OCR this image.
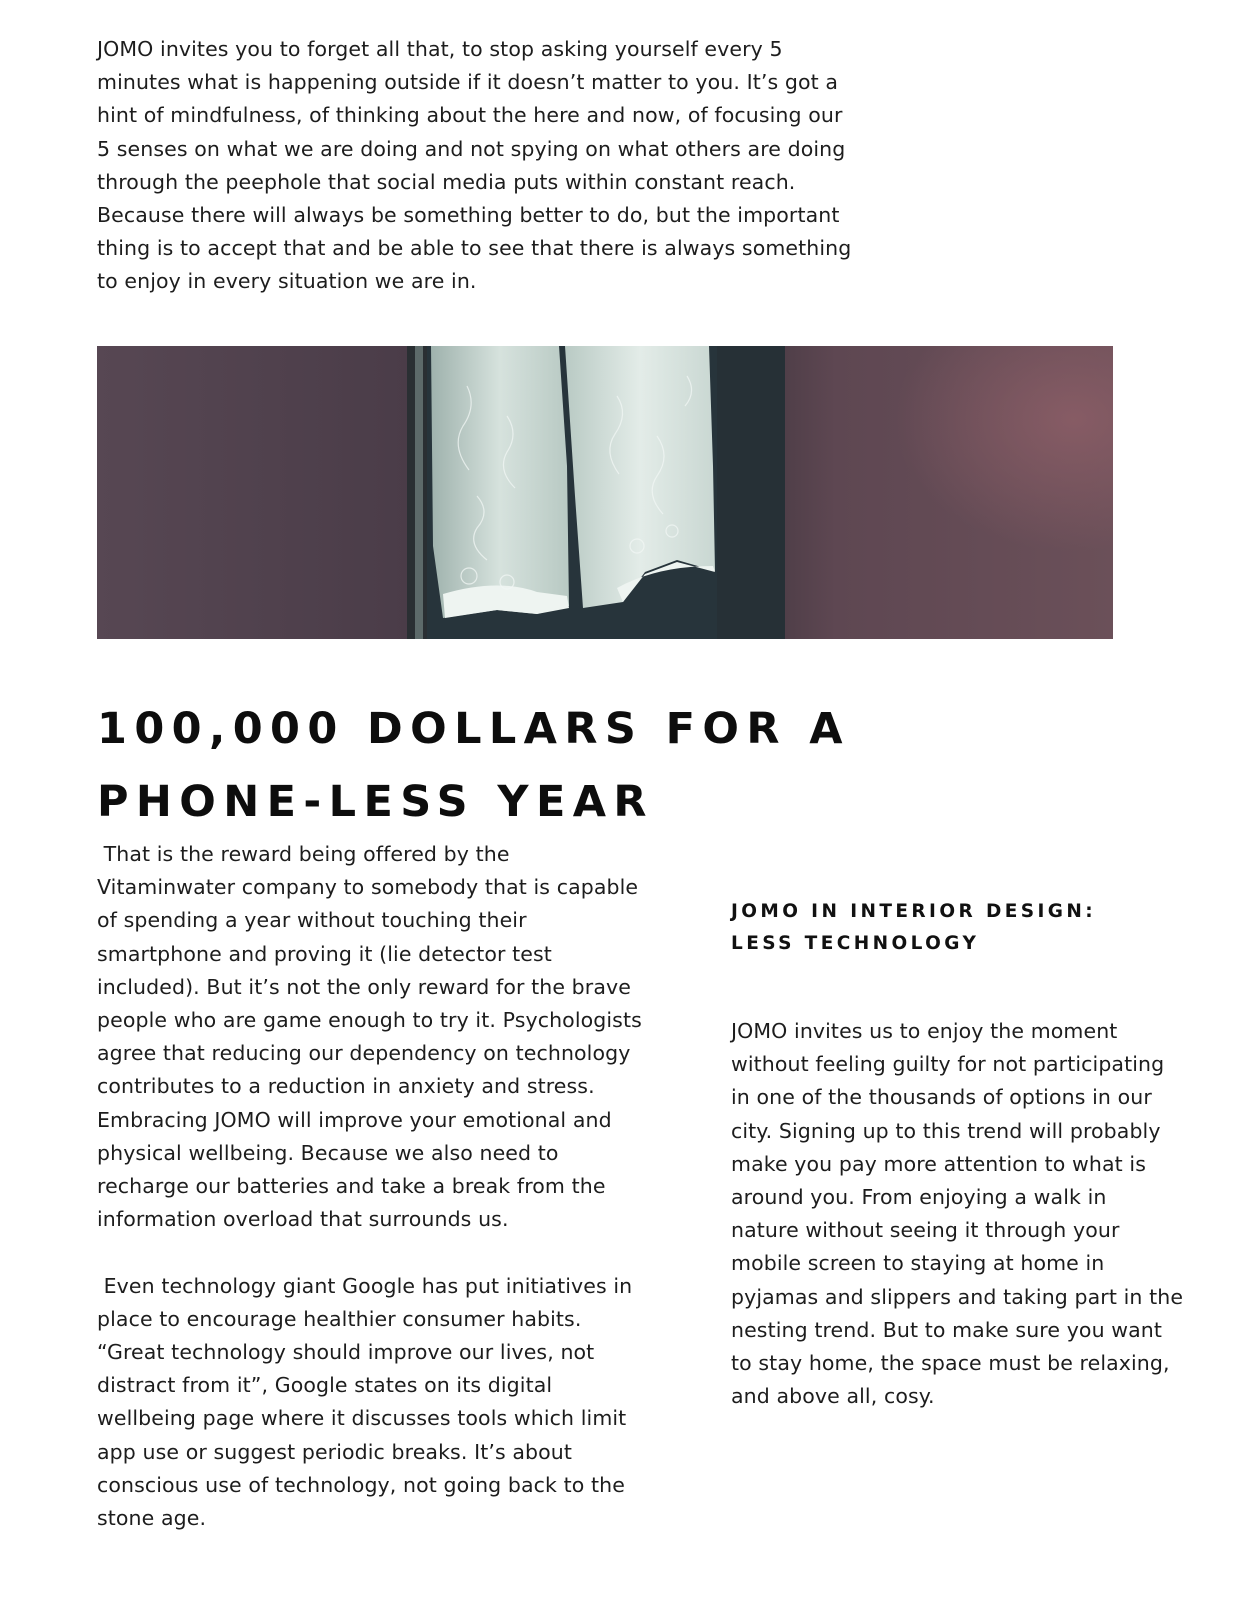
JOMO invites you to forget all that, to stop asking yourself every 5
minutes what is happening outside if it doesn’t matter to you. It’s got a
hint of mindfulness, of thinking about the here and now, of focusing our
5 senses on what we are doing and not spying on what others are doing
through the peephole that social media puts within constant reach.
Because there will always be something better to do, but the important
thing is to accept that and be able to see that there is always something
to enjoy in every situation we are in.
100,000 DOLLARS FOR A
PHONE-LESS YEAR

That is the reward being offered by the
Vitaminwater company to somebody that is capable
of spending a year without touching their
smartphone and proving it (lie detector test
included). But it’s not the only reward for the brave
people who are game enough to try it. Psychologists
agree that reducing our dependency on technology
contributes to a reduction in anxiety and stress.
Embracing JOMO will improve your emotional and
physical wellbeing. Because we also need to
recharge our batteries and take a break from the
information overload that surrounds us.

Even technology giant Google has put initiatives in
place to encourage healthier consumer habits.
“Great technology should improve our lives, not
distract from it”, Google states on its digital
wellbeing page where it discusses tools which limit
app use or suggest periodic breaks. It’s about
conscious use of technology, not going back to the
stone age.

JOMO IN INTERIOR DESIGN:
LESS TECHNOLOGY

JOMO invites us to enjoy the moment
without feeling guilty for not participating
in one of the thousands of options in our
city. Signing up to this trend will probably
make you pay more attention to what is
around you. From enjoying a walk in
nature without seeing it through your
mobile screen to staying at home in
pyjamas and slippers and taking part in the
nesting trend. But to make sure you want
to stay home, the space must be relaxing,
and above all, cosy.
